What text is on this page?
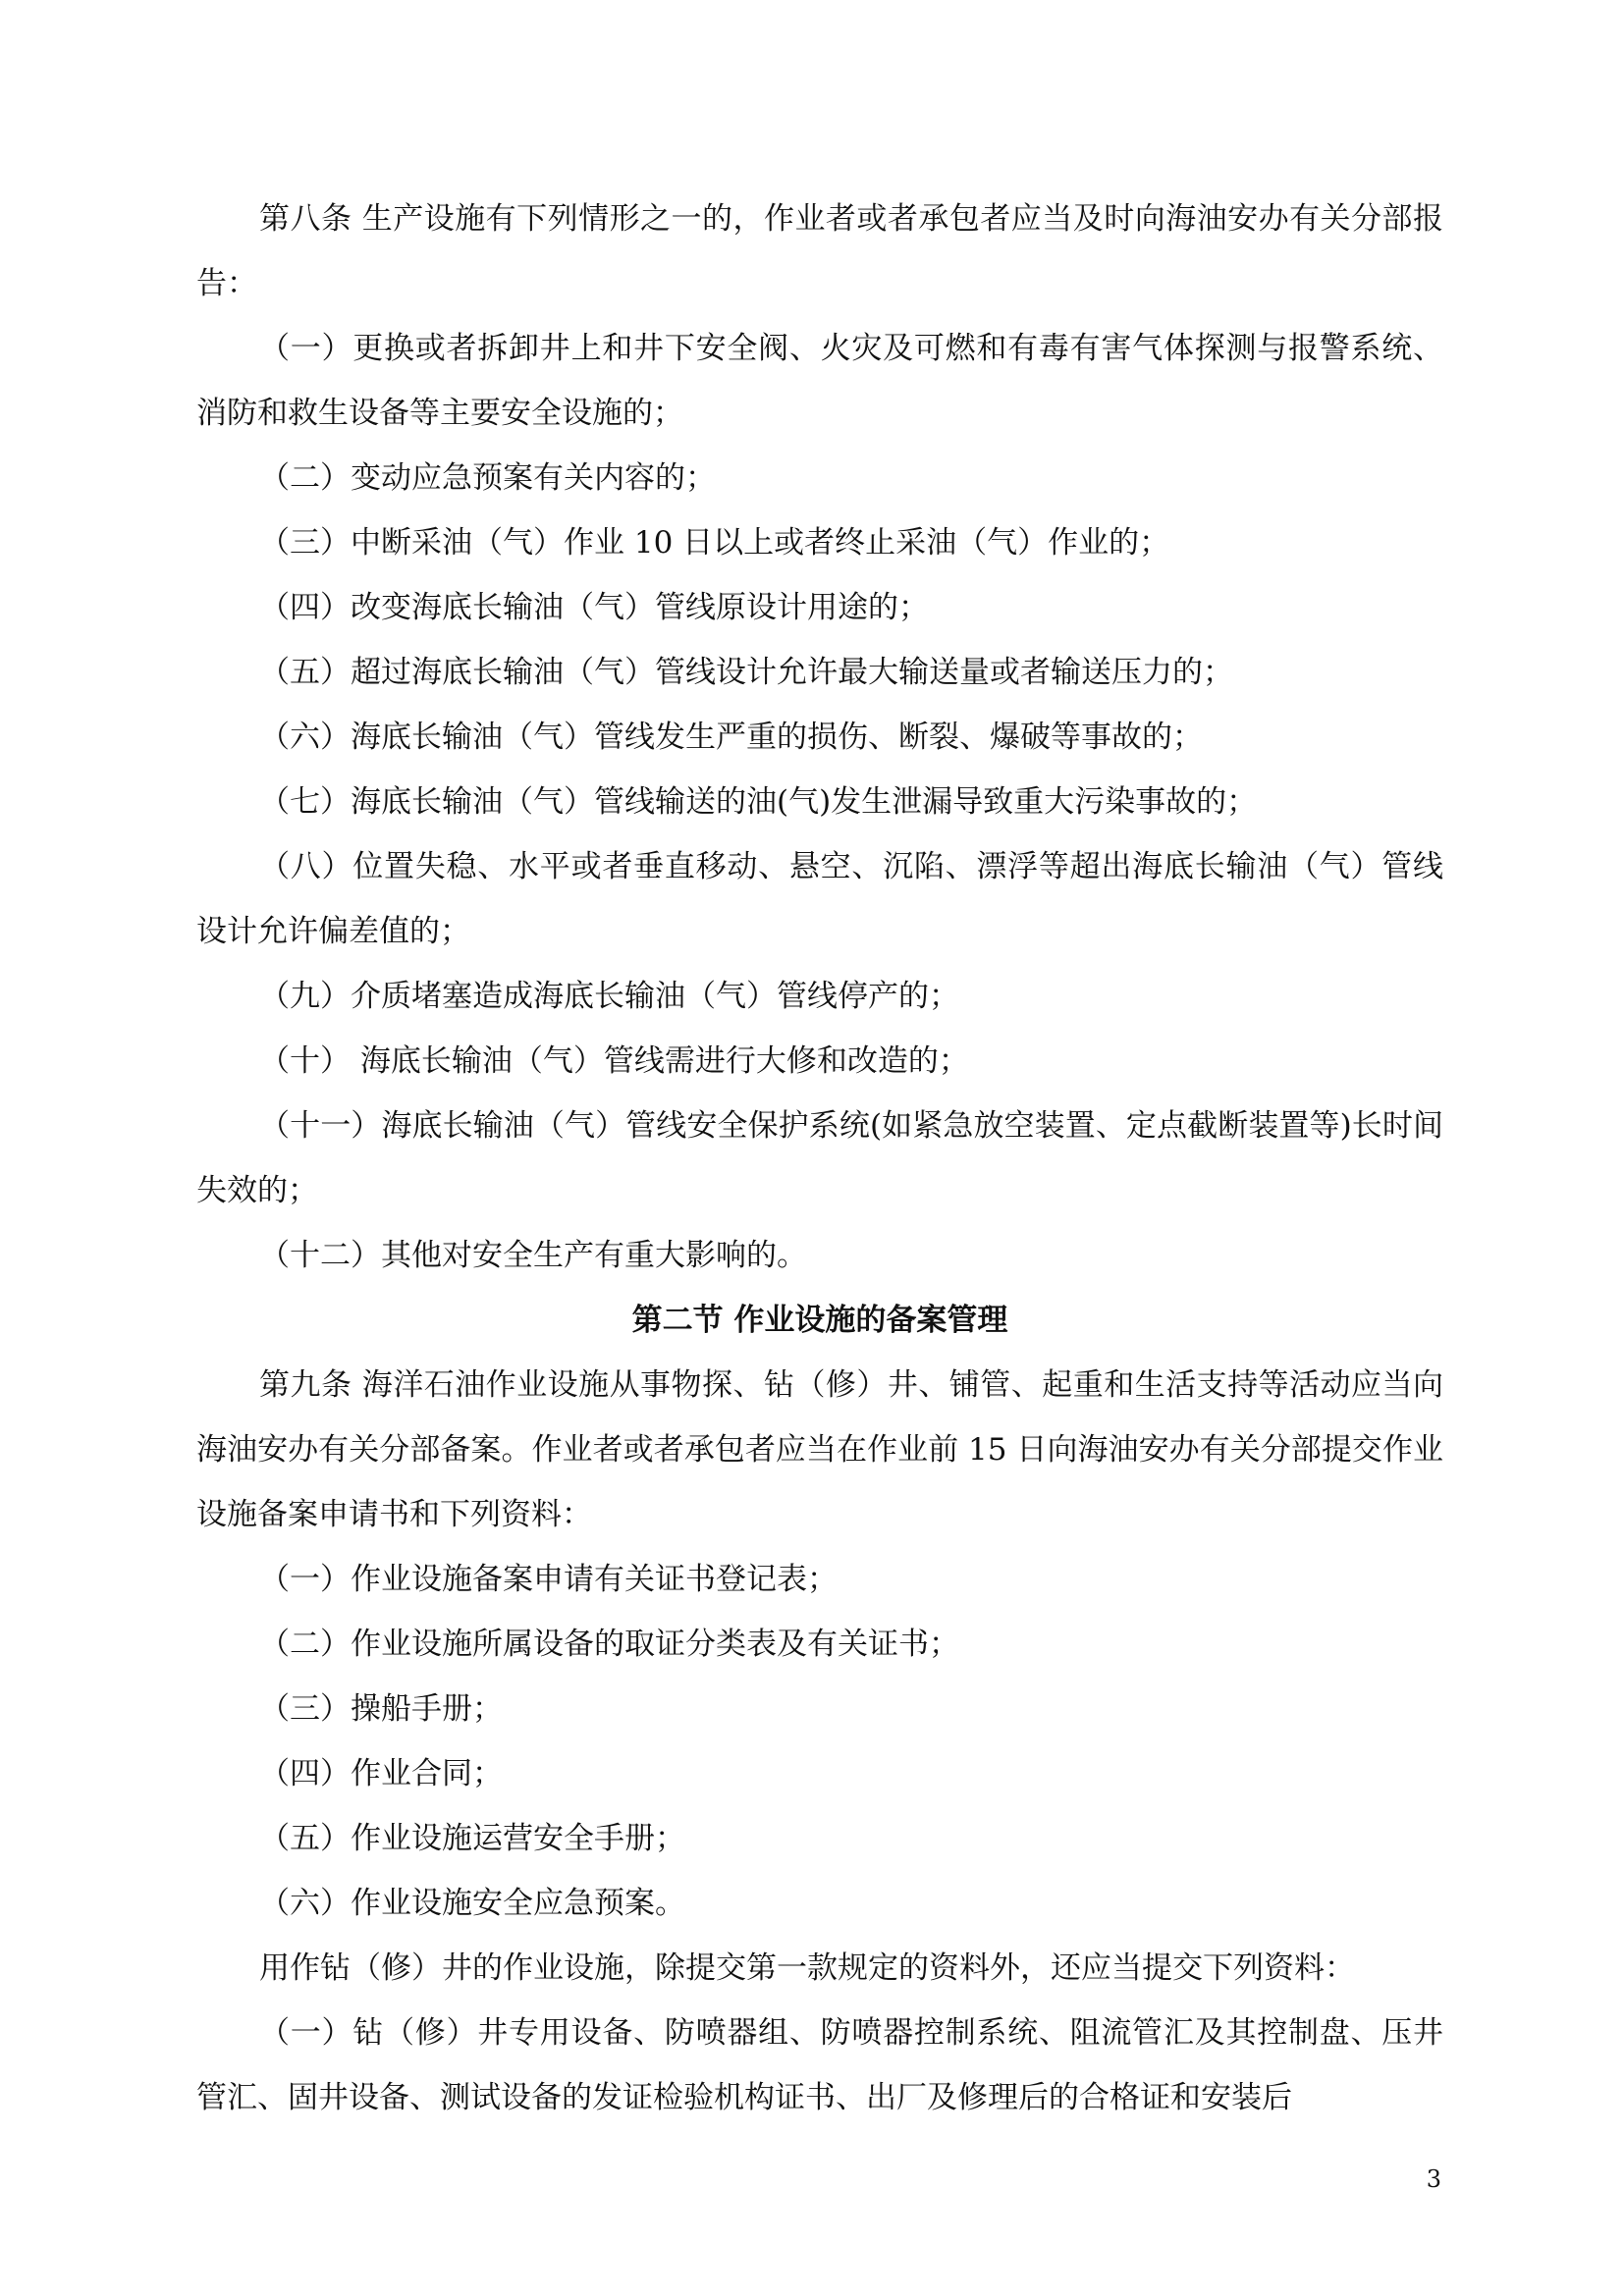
第八条 生产设施有下列情形之一的，作业者或者承包者应当及时向海油安办有关分部报告：

（一）更换或者拆卸井上和井下安全阀、火灾及可燃和有毒有害气体探测与报警系统、消防和救生设备等主要安全设施的；

（二）变动应急预案有关内容的；

（三）中断采油（气）作业 10 日以上或者终止采油（气）作业的；

（四）改变海底长输油（气）管线原设计用途的；

（五）超过海底长输油（气）管线设计允许最大输送量或者输送压力的；

（六）海底长输油（气）管线发生严重的损伤、断裂、爆破等事故的；

（七）海底长输油（气）管线输送的油(气)发生泄漏导致重大污染事故的；

（八）位置失稳、水平或者垂直移动、悬空、沉陷、漂浮等超出海底长输油（气）管线设计允许偏差值的；

（九）介质堵塞造成海底长输油（气）管线停产的；

（十） 海底长输油（气）管线需进行大修和改造的；

（十一）海底长输油（气）管线安全保护系统(如紧急放空装置、定点截断装置等)长时间失效的；

（十二）其他对安全生产有重大影响的。

第二节 作业设施的备案管理

第九条 海洋石油作业设施从事物探、钻（修）井、铺管、起重和生活支持等活动应当向海油安办有关分部备案。作业者或者承包者应当在作业前 15 日向海油安办有关分部提交作业设施备案申请书和下列资料：

（一）作业设施备案申请有关证书登记表；

（二）作业设施所属设备的取证分类表及有关证书；

（三）操船手册；

（四）作业合同；

（五）作业设施运营安全手册；

（六）作业设施安全应急预案。

用作钻（修）井的作业设施，除提交第一款规定的资料外，还应当提交下列资料：

（一）钻（修）井专用设备、防喷器组、防喷器控制系统、阻流管汇及其控制盘、压井管汇、固井设备、测试设备的发证检验机构证书、出厂及修理后的合格证和安装后

3
